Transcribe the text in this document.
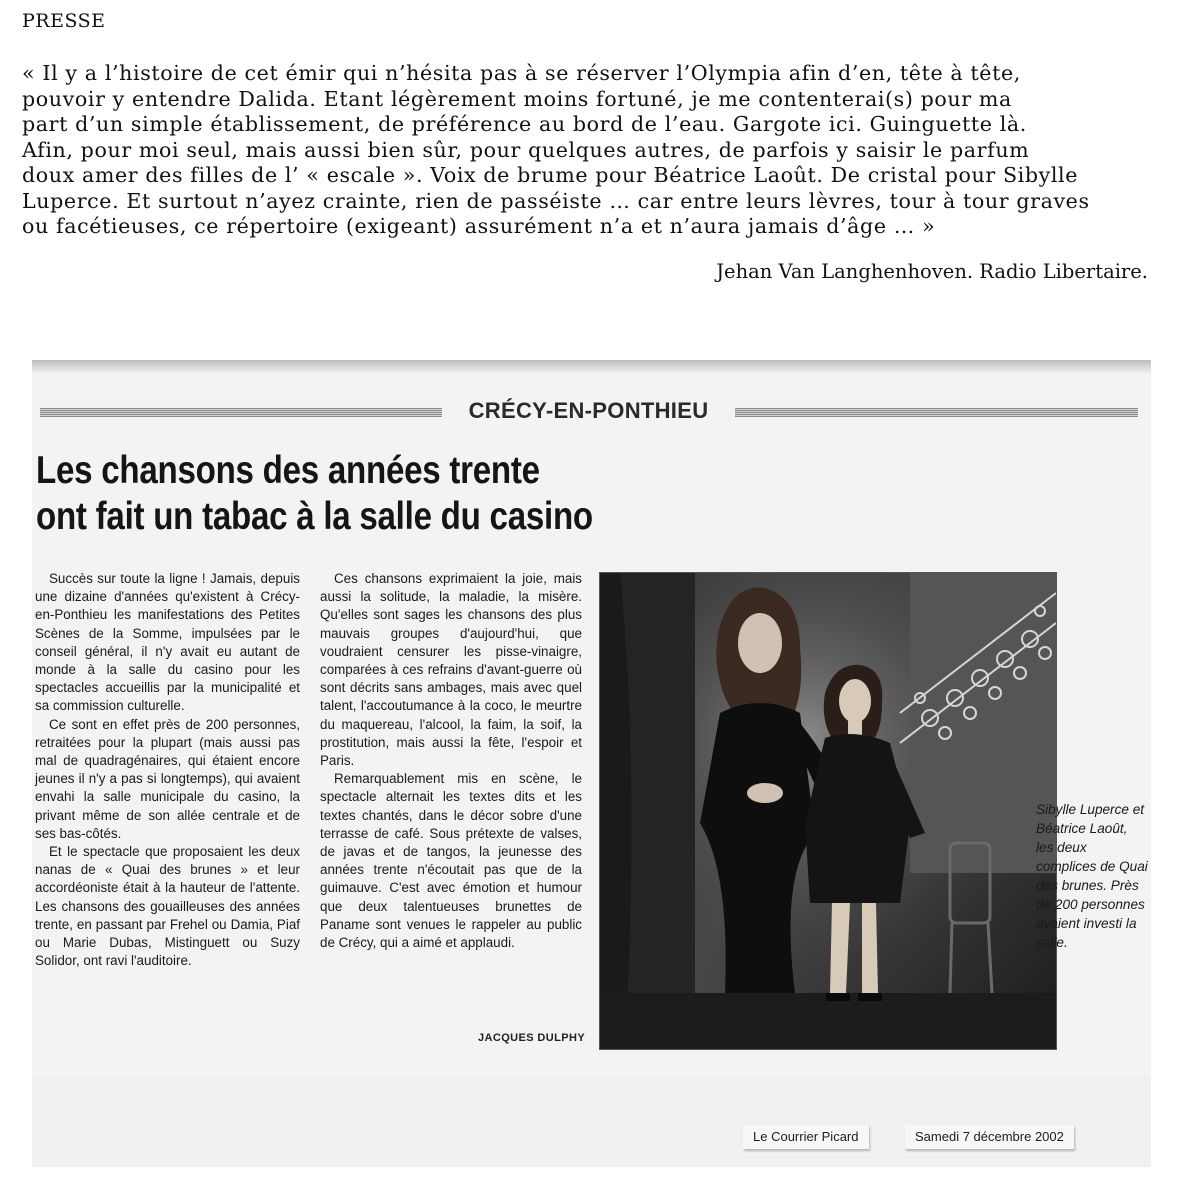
PRESSE
« Il y a l’histoire de cet émir qui n’hésita pas à se réserver l’Olympia afin d’en, tête à tête,
pouvoir y entendre Dalida. Etant légèrement moins fortuné, je me contenterai(s) pour ma
part d’un simple établissement, de préférence au bord de l’eau. Gargote ici. Guinguette là.
Afin, pour moi seul, mais aussi bien sûr, pour quelques autres, de parfois y saisir le parfum
doux amer des filles de l’ « escale ». Voix de brume pour Béatrice Laoût. De cristal pour Sibylle
Luperce. Et surtout n’ayez crainte, rien de passéiste … car entre leurs lèvres, tour à tour graves
ou facétieuses, ce répertoire (exigeant) assurément n’a et n’aura jamais d’âge … »
Jehan Van Langhenhoven. Radio Libertaire.
CRÉCY-EN-PONTHIEU
Les chansons des années trente
ont fait un tabac à la salle du casino

Succès sur toute la ligne ! Jamais, depuis une dizaine d'années qu'existent à Crécy-en-Ponthieu les manifestations des Petites Scènes de la Somme, impulsées par le conseil général, il n'y avait eu autant de monde à la salle du casino pour les spectacles accueillis par la municipalité et sa commission culturelle.

Ce sont en effet près de 200 personnes, retraitées pour la plupart (mais aussi pas mal de quadragénaires, qui étaient encore jeunes il n'y a pas si longtemps), qui avaient envahi la salle municipale du casino, la privant même de son allée centrale et de ses bas-côtés.

Et le spectacle que proposaient les deux nanas de « Quai des brunes » et leur accordéoniste était à la hauteur de l'attente. Les chansons des gouailleuses des années trente, en passant par Frehel ou Damia, Piaf ou Marie Dubas, Mistinguett ou Suzy Solidor, ont ravi l'auditoire.

Ces chansons exprimaient la joie, mais aussi la solitude, la maladie, la misère. Qu'elles sont sages les chansons des plus mauvais groupes d'aujourd'hui, que voudraient censurer les pisse-vinaigre, comparées à ces refrains d'avant-guerre où sont décrits sans ambages, mais avec quel talent, l'accoutumance à la coco, le meurtre du maquereau, l'alcool, la faim, la soif, la prostitution, mais aussi la fête, l'espoir et Paris.

Remarquablement mis en scène, le spectacle alternait les textes dits et les textes chantés, dans le décor sobre d'une terrasse de café. Sous prétexte de valses, de javas et de tangos, la jeunesse des années trente n'écoutait pas que de la guimauve. C'est avec émotion et humour que deux talentueuses brunettes de Paname sont venues le rappeler au public de Crécy, qui a aimé et applaudi.

JACQUES DULPHY
Sibylle Luperce et Béatrice Laoût, les deux complices de Quai des brunes. Près de 200 personnes avaient investi la salle.
Le Courrier Picard	Samedi 7 décembre 2002
